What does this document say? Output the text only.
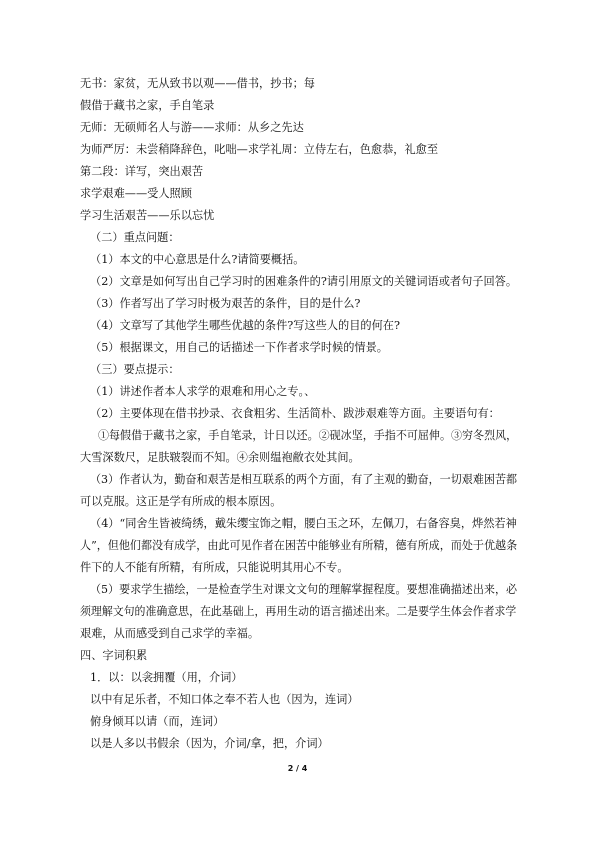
无书：家贫，无从致书以观——借书，抄书；每
假借于藏书之家，手自笔录
无师：无硕师名人与游——求师：从乡之先达
为师严厉：未尝稍降辞色，叱咄—求学礼周：立侍左右，色愈恭，礼愈至
第二段：详写，突出艰苦
求学艰难——受人照顾
学习生活艰苦——乐以忘忧
（二）重点问题：
（1）本文的中心意思是什么?请简要概括。
（2）文章是如何写出自己学习时的困难条件的?请引用原文的关键词语或者句子回答。
（3）作者写出了学习时极为艰苦的条件，目的是什么?
（4）文章写了其他学生哪些优越的条件?写这些人的目的何在?
（5）根据课文，用自己的话描述一下作者求学时候的情景。
（三）要点提示：
（1）讲述作者本人求学的艰难和用心之专。、
（2）主要体现在借书抄录、衣食粗劣、生活简朴、跋涉艰难等方面。主要语句有：
①每假借于藏书之家，手自笔录，计日以还。②砚冰坚，手指不可屈伸。③穷冬烈风，
大雪深数尺，足肤皲裂而不知。④余则缊袍敝衣处其间。
（3）作者认为，勤奋和艰苦是相互联系的两个方面，有了主观的勤奋，一切艰难困苦都
可以克服。这正是学有所成的根本原因。
（4）“同舍生皆被绮绣，戴朱缨宝饰之帽，腰白玉之环，左佩刀，右备容臭，烨然若神
人”，但他们都没有成学，由此可见作者在困苦中能够业有所精，德有所成，而处于优越条
件下的人不能有所精，有所成，只能说明其用心不专。
（5）要求学生描绘，一是检查学生对课文文句的理解掌握程度。要想准确描述出来，必
须理解文句的准确意思，在此基础上，再用生动的语言描述出来。二是要学生体会作者求学
艰难，从而感受到自己求学的幸福。
四、字词积累
1．以：以衾拥覆（用，介词）
以中有足乐者，不知口体之奉不若人也（因为，连词）
俯身倾耳以请（而，连词）
以是人多以书假余（因为，介词/拿，把，介词）
2 / 4
